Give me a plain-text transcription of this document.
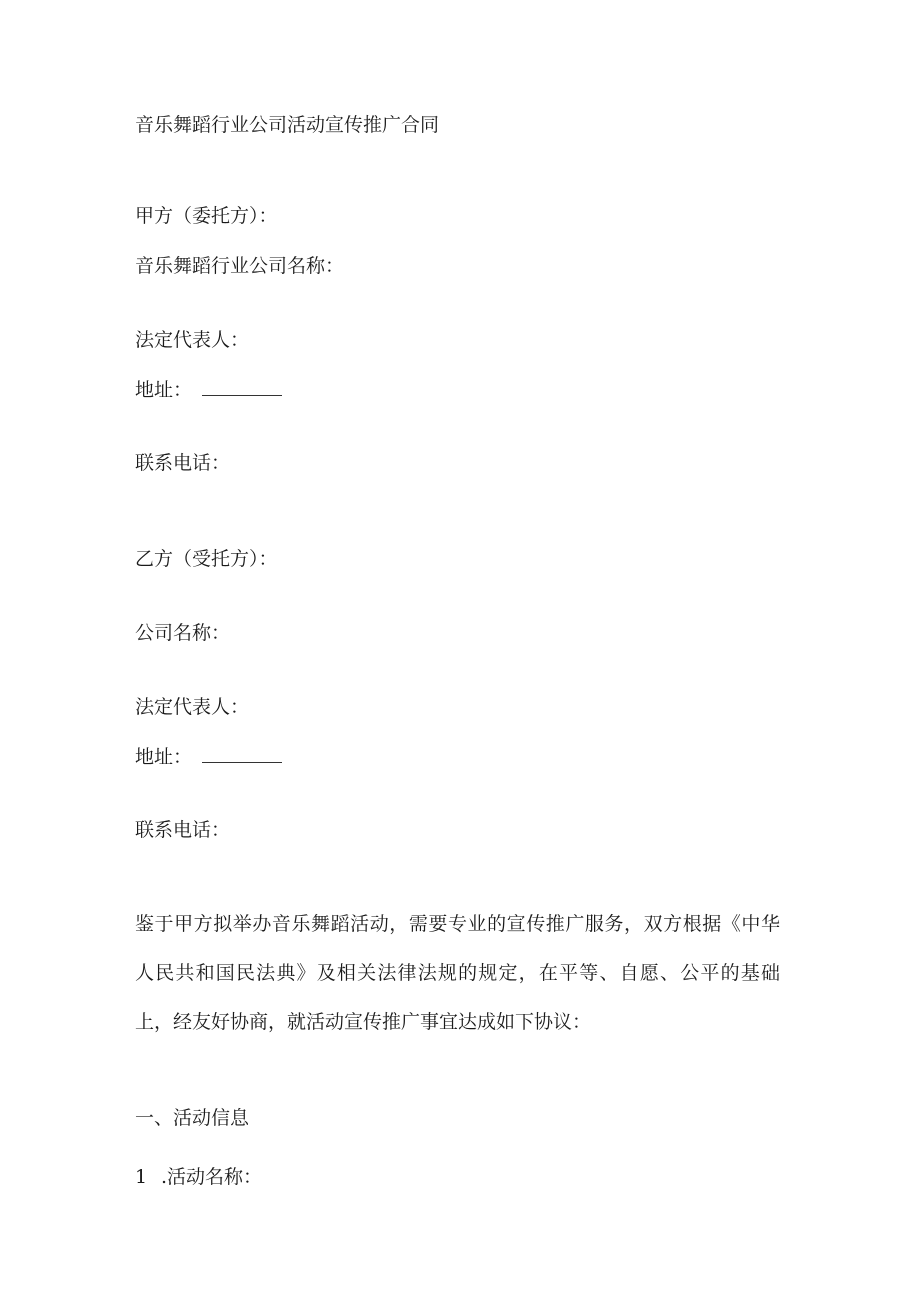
音乐舞蹈行业公司活动宣传推广合同
甲方（委托方）：
音乐舞蹈行业公司名称：
法定代表人：
地址：
联系电话：
乙方（受托方）：
公司名称：
法定代表人：
地址：
联系电话：
鉴于甲方拟举办音乐舞蹈活动，需要专业的宣传推广服务，双方根据《中华人民共和国民法典》及相关法律法规的规定，在平等、自愿、公平的基础上，经友好协商，就活动宣传推广事宜达成如下协议：
一、活动信息
1 .活动名称：
